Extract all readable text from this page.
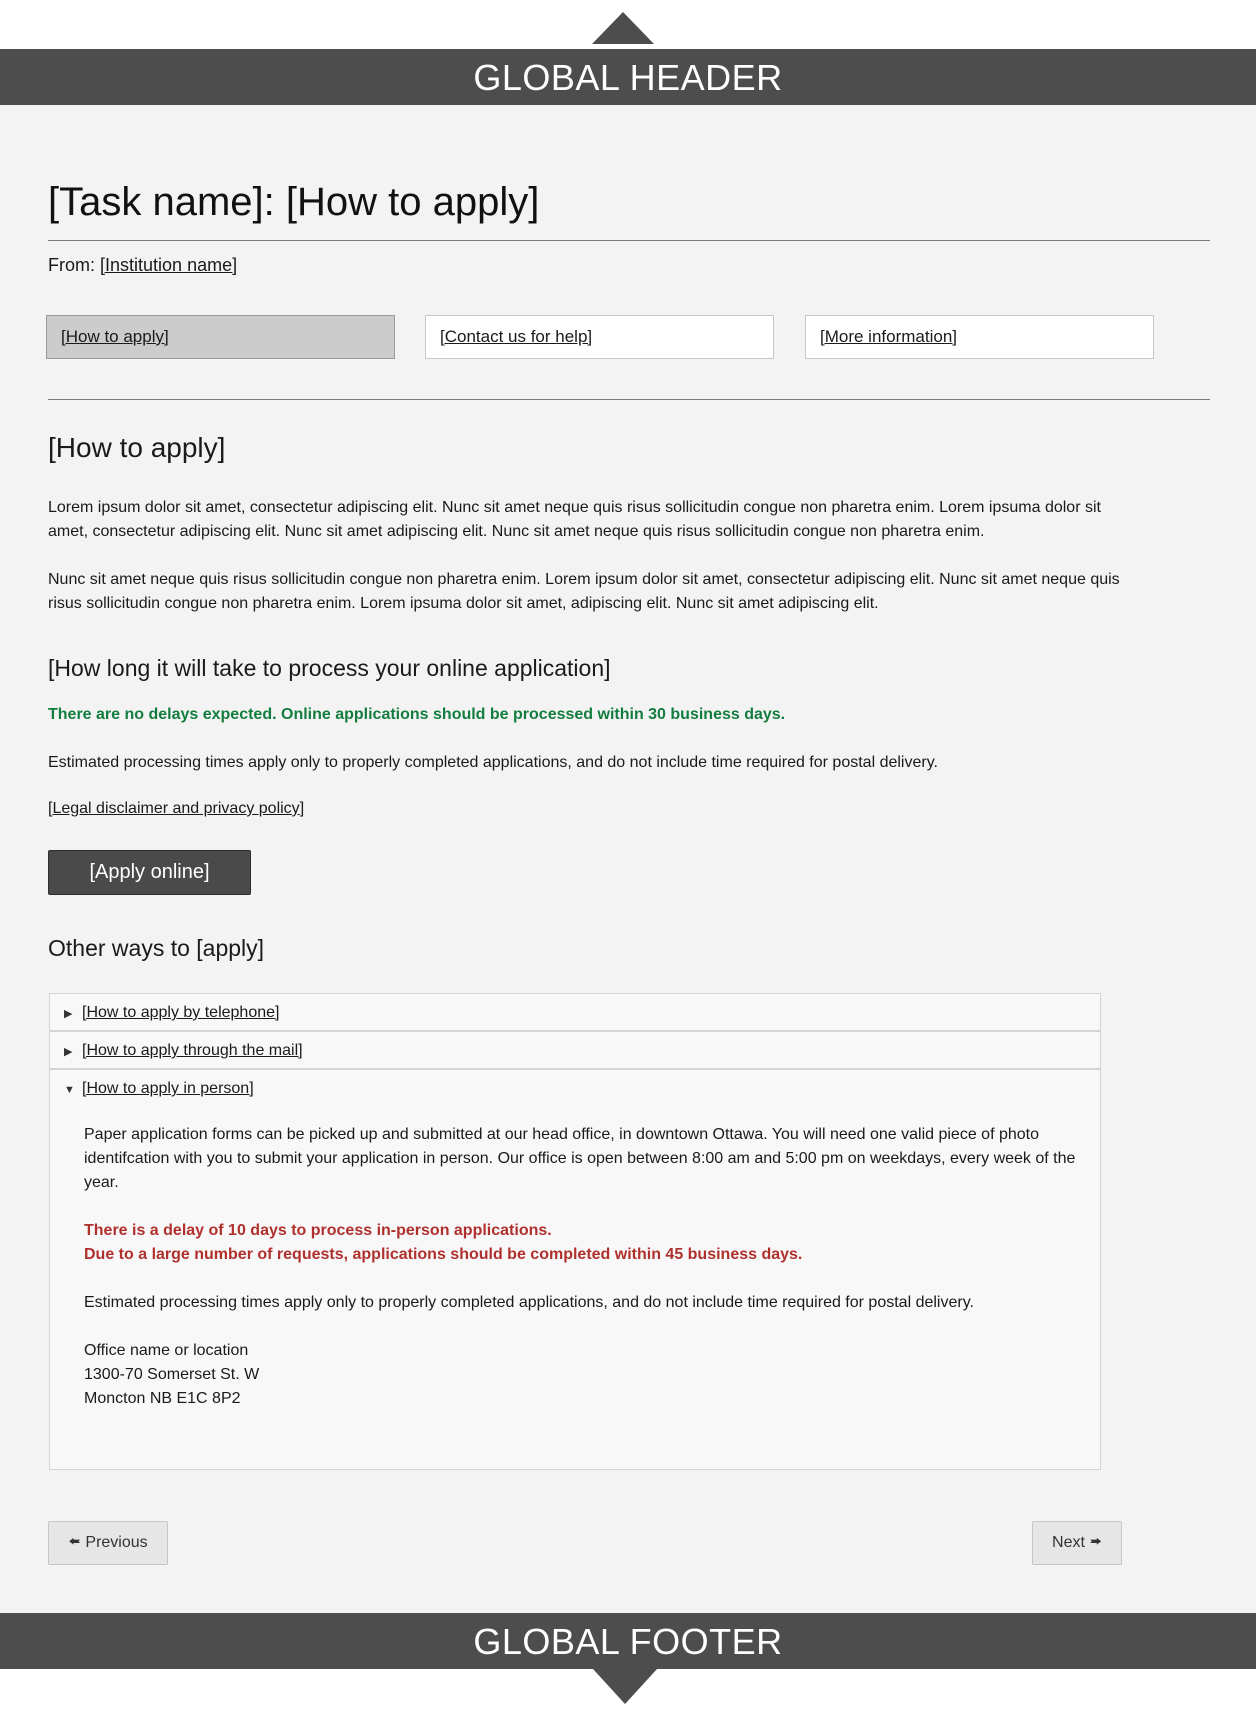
GLOBAL HEADER
[Task name]: [How to apply]
From: [Institution name]
[How to apply]	[Contact us for help]	[More information]
[How to apply]

Lorem ipsum dolor sit amet, consectetur adipiscing elit. Nunc sit amet neque quis risus sollicitudin congue non pharetra enim. Lorem ipsuma dolor sit amet, consectetur adipiscing elit. Nunc sit amet adipiscing elit. Nunc sit amet neque quis risus sollicitudin congue non pharetra enim.

Nunc sit amet neque quis risus sollicitudin congue non pharetra enim. Lorem ipsum dolor sit amet, consectetur adipiscing elit. Nunc sit amet neque quis risus sollicitudin congue non pharetra enim. Lorem ipsuma dolor sit amet, adipiscing elit. Nunc sit amet adipiscing elit.

[How long it will take to process your online application]

There are no delays expected. Online applications should be processed within 30 business days.

Estimated processing times apply only to properly completed applications, and do not include time required for postal delivery.

[Legal disclaimer and privacy policy]

[Apply online]
Other ways to [apply]
▶ [How to apply by telephone]
▶ [How to apply through the mail]
▼ [How to apply in person]

Paper application forms can be picked up and submitted at our head office, in downtown Ottawa. You will need one valid piece of photo identifcation with you to submit your application in person. Our office is open between 8:00 am and 5:00 pm on weekdays, every week of the year.

There is a delay of 10 days to process in-person applications.

Due to a large number of requests, applications should be completed within 45 business days.

Estimated processing times apply only to properly completed applications, and do not include time required for postal delivery.

Office name or location

1300-70 Somerset St. W

Moncton NB E1C 8P2

🢘 Previous	Next 🢚
GLOBAL FOOTER
